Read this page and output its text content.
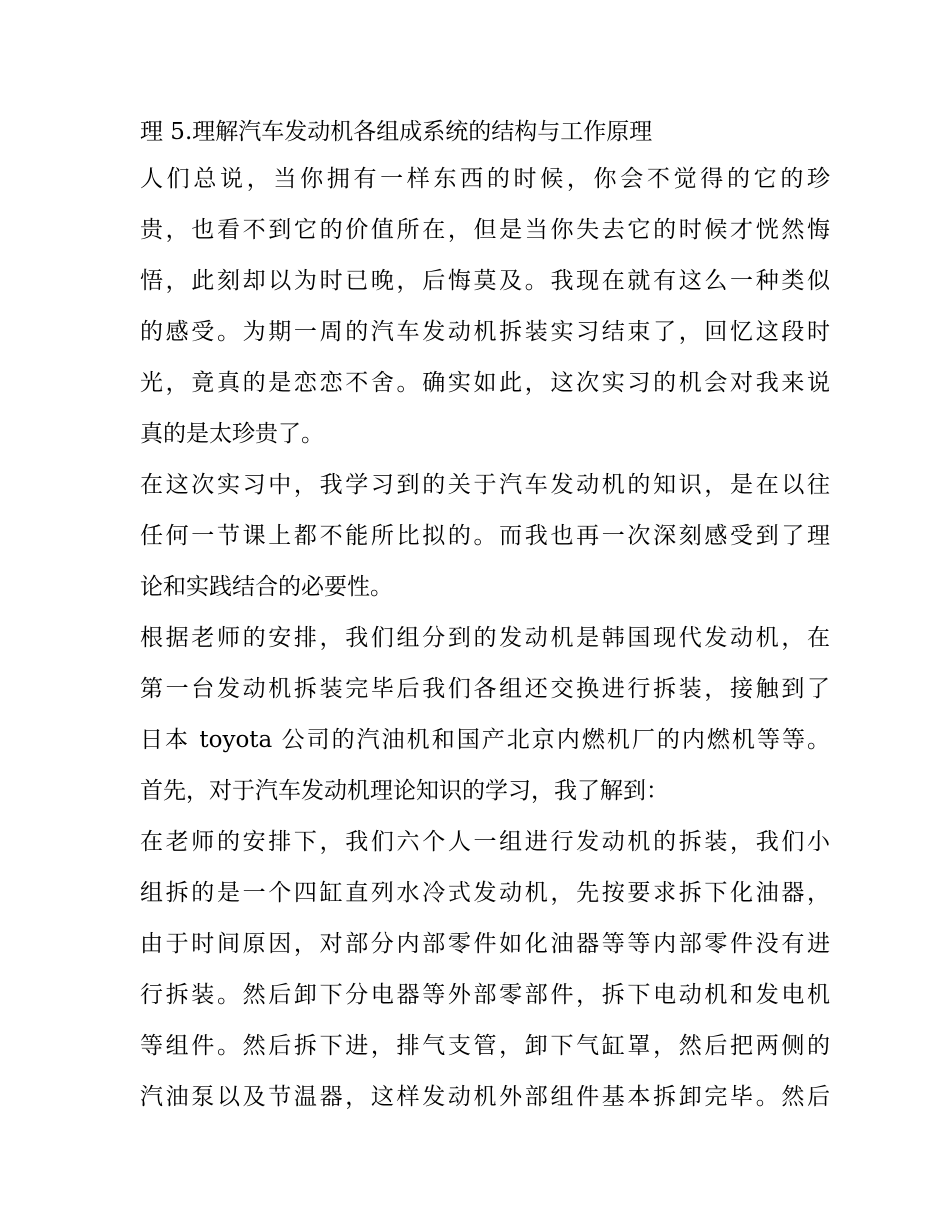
理 5.理解汽车发动机各组成系统的结构与工作原理
人们总说，当你拥有一样东西的时候，你会不觉得的它的珍
贵，也看不到它的价值所在，但是当你失去它的时候才恍然悔
悟，此刻却以为时已晚，后悔莫及。我现在就有这么一种类似
的感受。为期一周的汽车发动机拆装实习结束了，回忆这段时
光，竟真的是恋恋不舍。确实如此，这次实习的机会对我来说
真的是太珍贵了。
在这次实习中，我学习到的关于汽车发动机的知识，是在以往
任何一节课上都不能所比拟的。而我也再一次深刻感受到了理
论和实践结合的必要性。
根据老师的安排，我们组分到的发动机是韩国现代发动机，在
第一台发动机拆装完毕后我们各组还交换进行拆装，接触到了
日本 toyota 公司的汽油机和国产北京内燃机厂的内燃机等等。
首先，对于汽车发动机理论知识的学习，我了解到：
在老师的安排下，我们六个人一组进行发动机的拆装，我们小
组拆的是一个四缸直列水冷式发动机，先按要求拆下化油器，
由于时间原因，对部分内部零件如化油器等等内部零件没有进
行拆装。然后卸下分电器等外部零部件，拆下电动机和发电机
等组件。然后拆下进，排气支管，卸下气缸罩，然后把两侧的
汽油泵以及节温器，这样发动机外部组件基本拆卸完毕。然后
